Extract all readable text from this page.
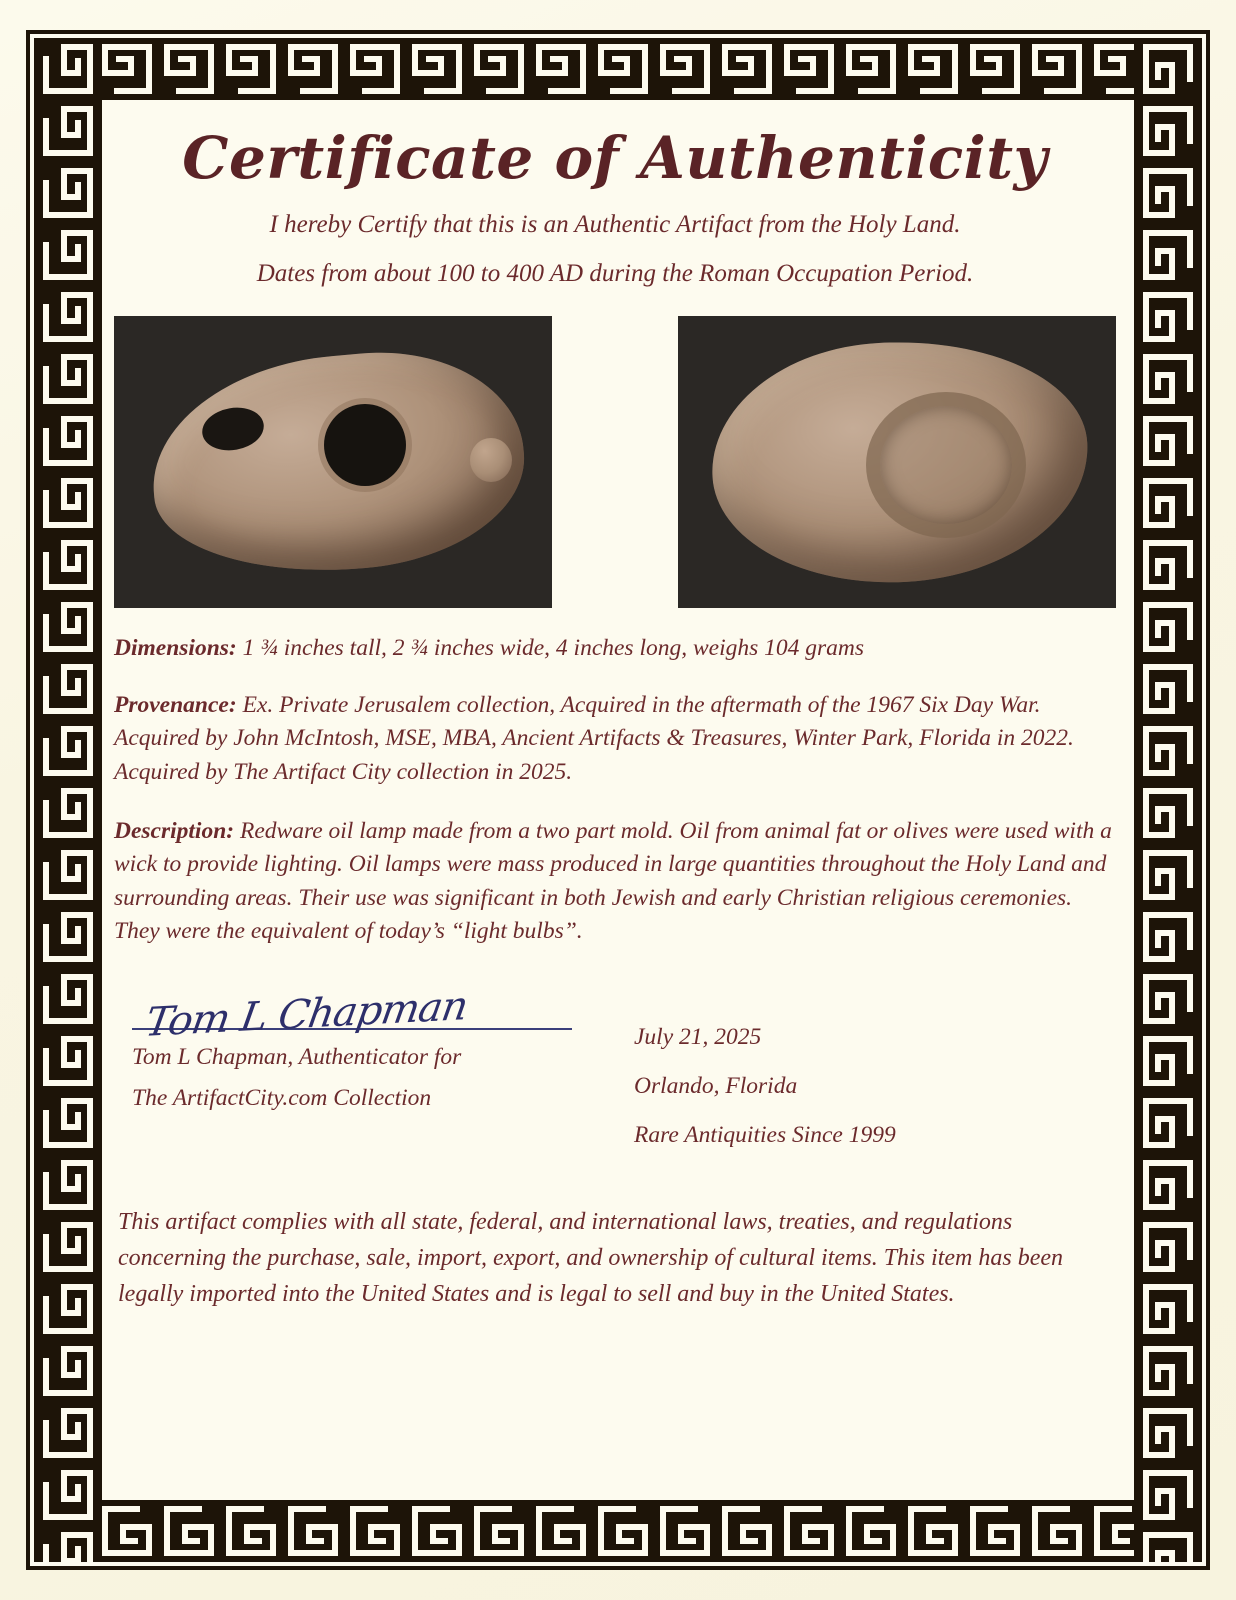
Certificate of Authenticity
I hereby Certify that this is an Authentic Artifact from the Holy Land.
Dates from about 100 to 400 AD during the Roman Occupation Period.
Dimensions: 1 ¾ inches tall, 2 ¾ inches wide, 4 inches long, weighs 104 grams
Provenance: Ex. Private Jerusalem collection, Acquired in the aftermath of the 1967 Six Day War. Acquired by John McIntosh, MSE, MBA, Ancient Artifacts & Treasures, Winter Park, Florida in 2022. Acquired by The Artifact City collection in 2025.
Description: Redware oil lamp made from a two part mold. Oil from animal fat or olives were used with a wick to provide lighting. Oil lamps were mass produced in large quantities throughout the Holy Land and surrounding areas. Their use was significant in both Jewish and early Christian religious ceremonies. They were the equivalent of today’s “light bulbs”.
Tom L Chapman
Tom L Chapman, Authenticator for
The ArtifactCity.com Collection
July 21, 2025
Orlando, Florida
Rare Antiquities Since 1999
This artifact complies with all state, federal, and international laws, treaties, and regulations concerning the purchase, sale, import, export, and ownership of cultural items. This item has been legally imported into the United States and is legal to sell and buy in the United States.
